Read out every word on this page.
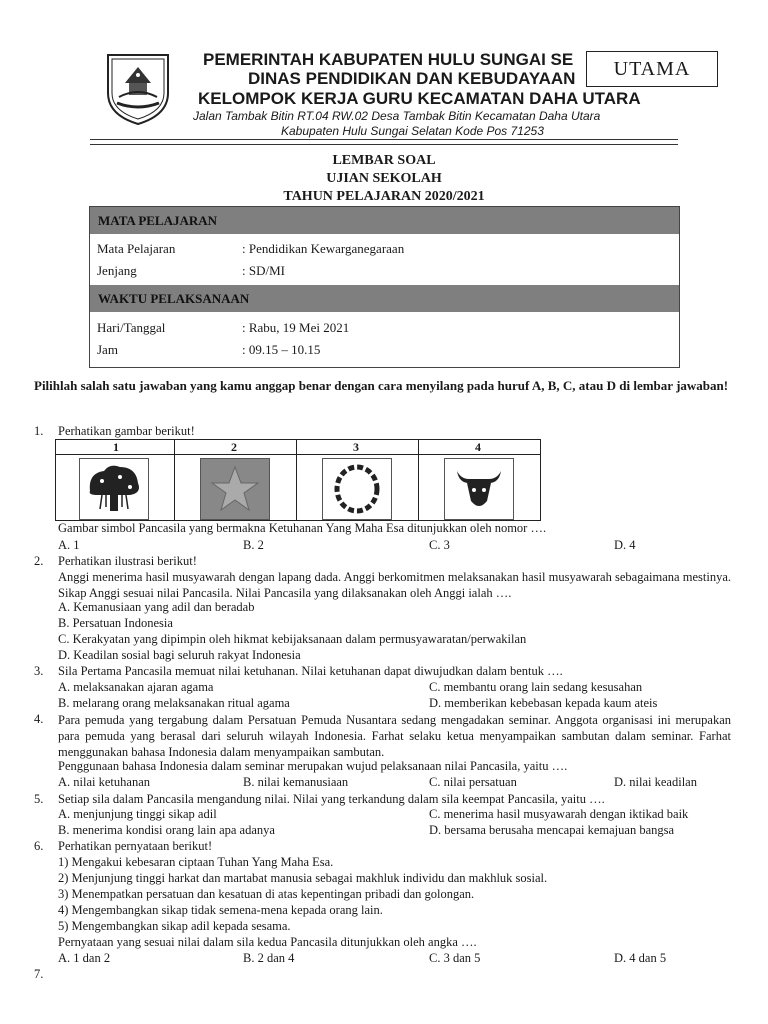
PEMERINTAH KABUPATEN HULU SUNGAI SE
DINAS PENDIDIKAN DAN KEBUDAYAAN
KELOMPOK KERJA GURU KECAMATAN DAHA UTARA
Jalan Tambak Bitin RT.04 RW.02 Desa Tambak Bitin Kecamatan Daha Utara
Kabupaten Hulu Sungai Selatan Kode Pos 71253
UTAMA
LEMBAR SOAL
UJIAN SEKOLAH
TAHUN PELAJARAN 2020/2021
MATA PELAJARAN
Mata Pelajaran	: Pendidikan Kewarganegaraan
Jenjang	: SD/MI
WAKTU PELAKSANAAN
Hari/Tanggal	: Rabu, 19 Mei 2021
Jam	: 09.15 – 10.15
Pilihlah salah satu jawaban yang kamu anggap benar dengan cara menyilang pada huruf A, B, C, atau D di lembar jawaban!
1. Perhatikan gambar berikut!
1	2	3	4
Gambar simbol Pancasila yang bermakna Ketuhanan Yang Maha Esa ditunjukkan oleh nomor ….
A. 1	B. 2	C. 3	D. 4
2. Perhatikan ilustrasi berikut!
Anggi menerima hasil musyawarah dengan lapang dada. Anggi berkomitmen melaksanakan hasil musyawarah sebagaimana mestinya. Sikap Anggi sesuai nilai Pancasila. Nilai Pancasila yang dilaksanakan oleh Anggi ialah ….
A. Kemanusiaan yang adil dan beradab
B. Persatuan Indonesia
C. Kerakyatan yang dipimpin oleh hikmat kebijaksanaan dalam permusyawaratan/perwakilan
D. Keadilan sosial bagi seluruh rakyat Indonesia
3. Sila Pertama Pancasila memuat nilai ketuhanan. Nilai ketuhanan dapat diwujudkan dalam bentuk ….
A. melaksanakan ajaran agama	C. membantu orang lain sedang kesusahan
B. melarang orang melaksanakan ritual agama	D. memberikan kebebasan kepada kaum ateis
4. Para pemuda yang tergabung dalam Persatuan Pemuda Nusantara sedang mengadakan seminar. Anggota organisasi ini merupakan para pemuda yang berasal dari seluruh wilayah Indonesia. Farhat selaku ketua menyampaikan sambutan dalam seminar. Farhat menggunakan bahasa Indonesia dalam menyampaikan sambutan.
Penggunaan bahasa Indonesia dalam seminar merupakan wujud pelaksanaan nilai Pancasila, yaitu ….
A. nilai ketuhanan	B. nilai kemanusiaan	C. nilai persatuan	D. nilai keadilan
5. Setiap sila dalam Pancasila mengandung nilai. Nilai yang terkandung dalam sila keempat Pancasila, yaitu ….
A. menjunjung tinggi sikap adil	C. menerima hasil musyawarah dengan iktikad baik
B. menerima kondisi orang lain apa adanya	D. bersama berusaha mencapai kemajuan bangsa
6. Perhatikan pernyataan berikut!
1) Mengakui kebesaran ciptaan Tuhan Yang Maha Esa.
2) Menjunjung tinggi harkat dan martabat manusia sebagai makhluk individu dan makhluk sosial.
3) Menempatkan persatuan dan kesatuan di atas kepentingan pribadi dan golongan.
4) Mengembangkan sikap tidak semena-mena kepada orang lain.
5) Mengembangkan sikap adil kepada sesama.
Pernyataan yang sesuai nilai dalam sila kedua Pancasila ditunjukkan oleh angka ….
A. 1 dan 2	B. 2 dan 4	C. 3 dan 5	D. 4 dan 5
7.
